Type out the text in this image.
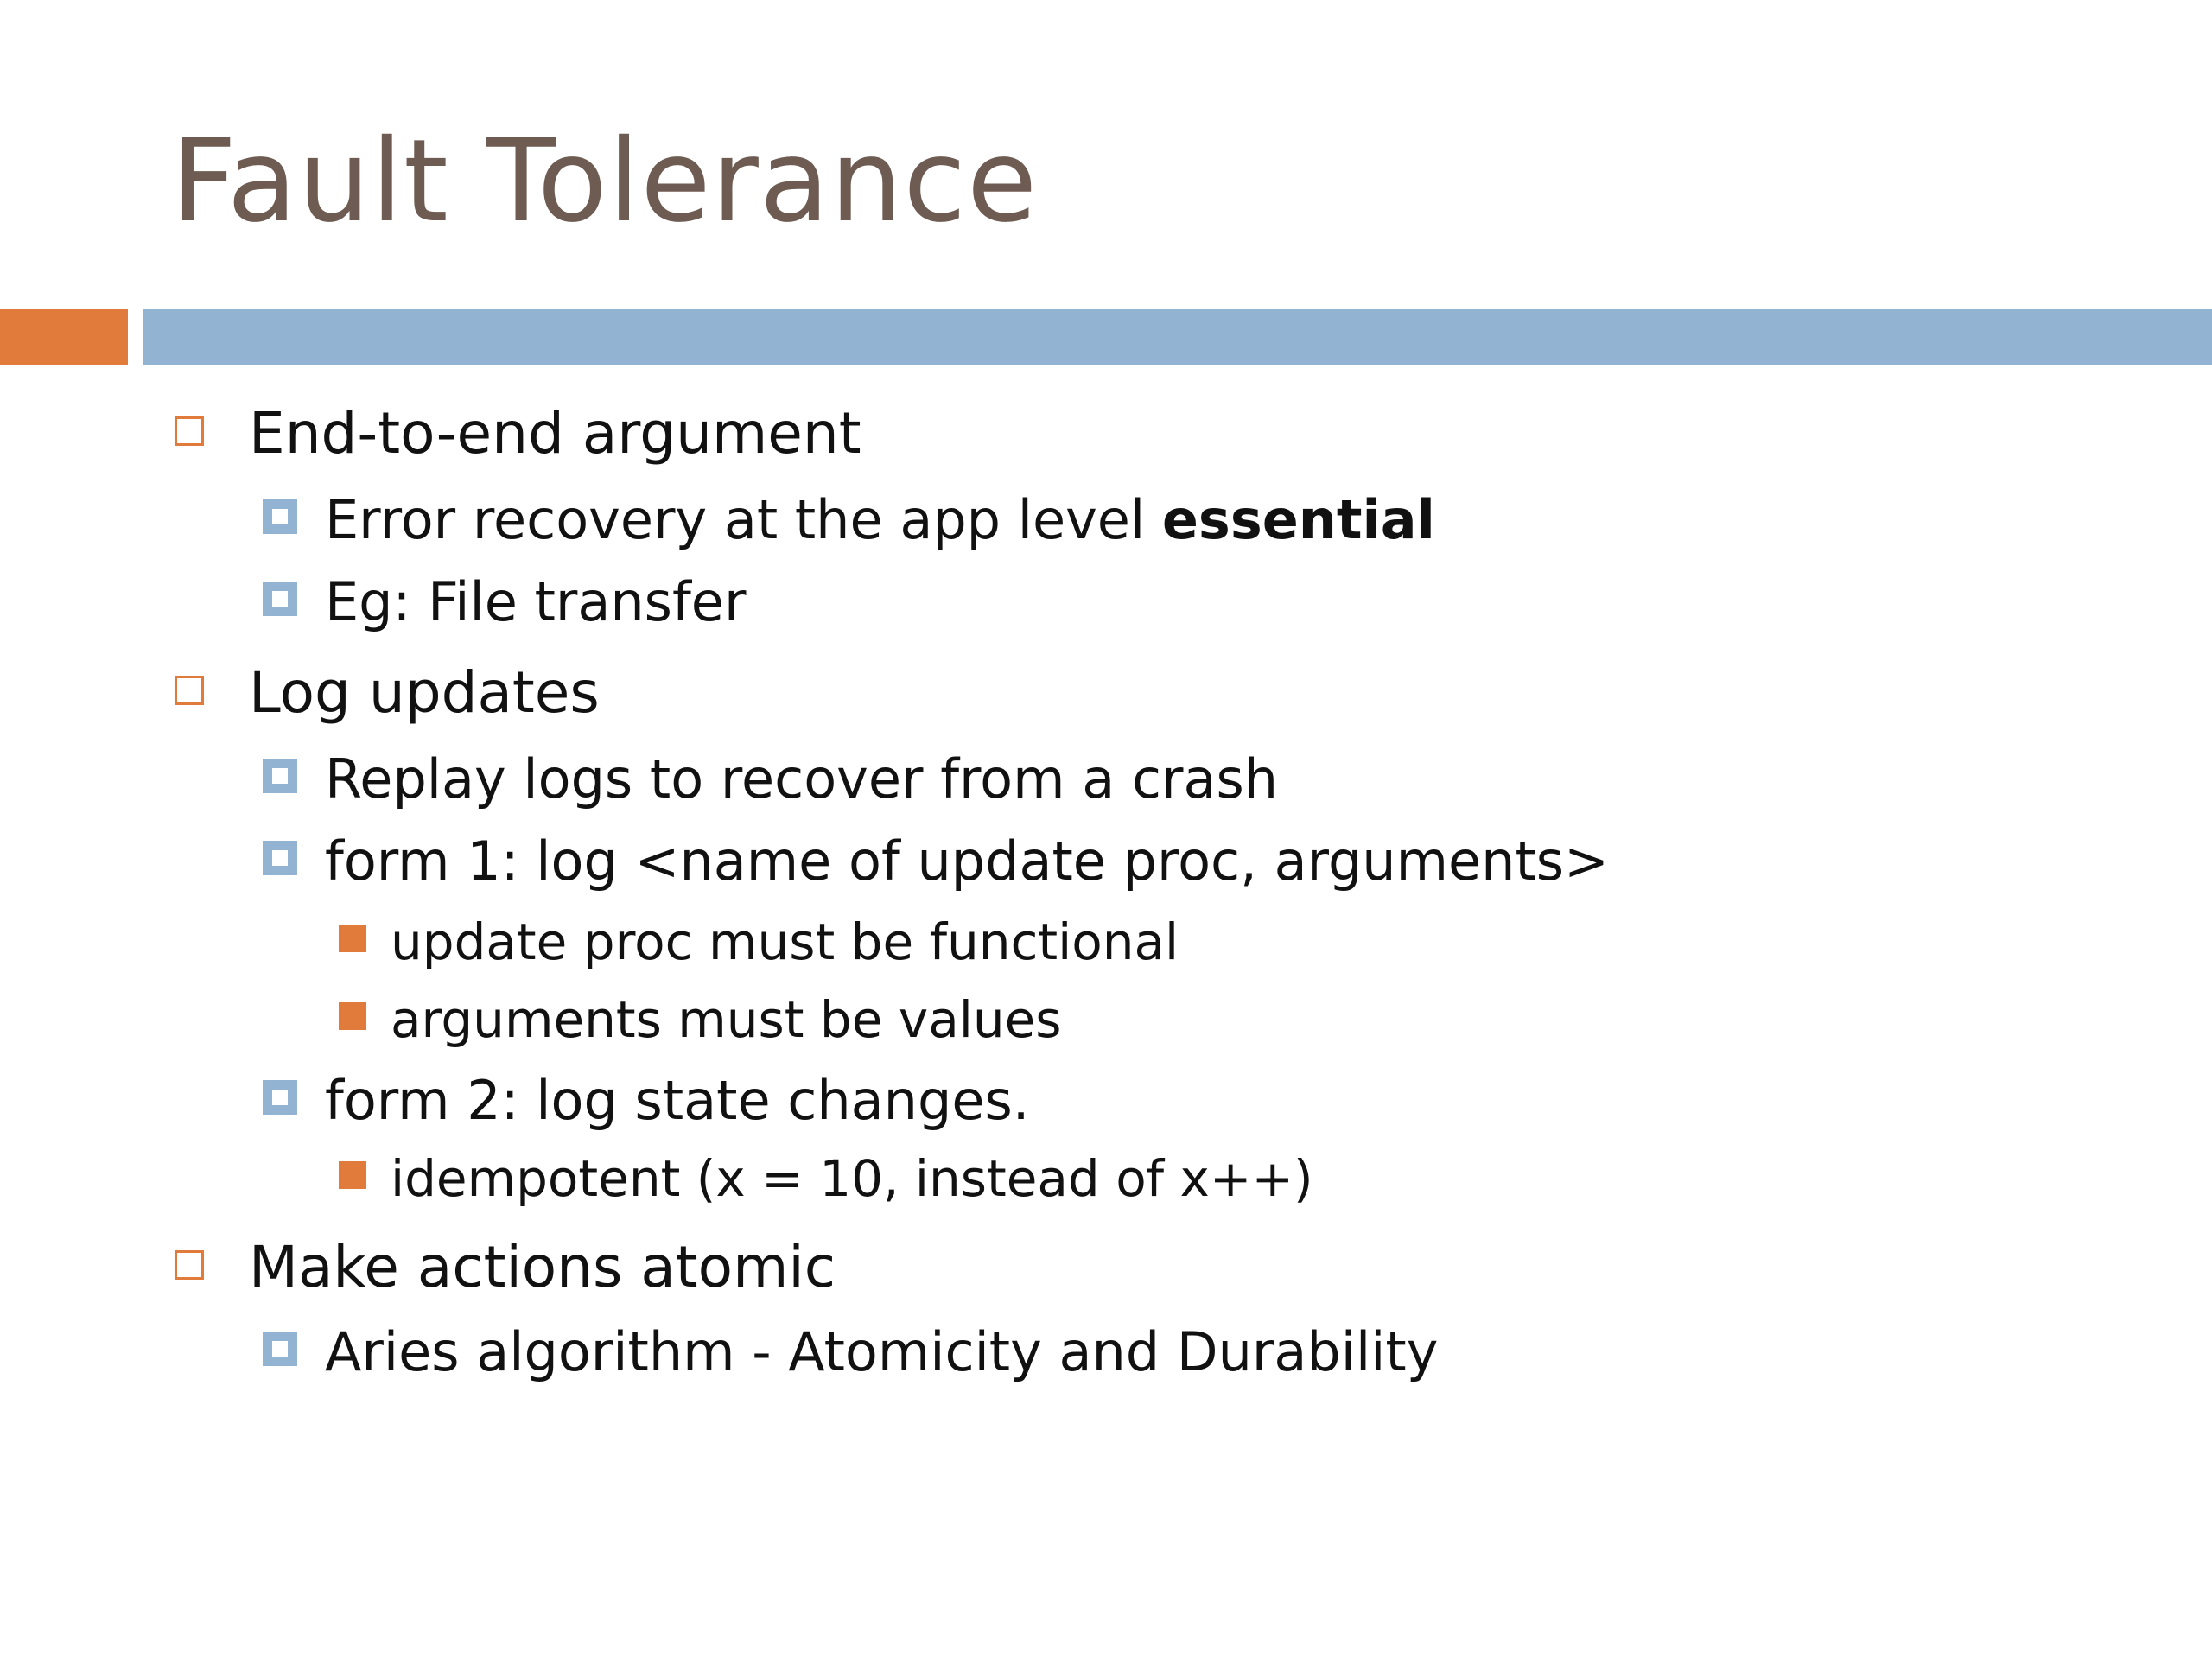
Fault Tolerance
End-to-end argument
Error recovery at the app level essential
Eg: File transfer
Log updates
Replay logs to recover from a crash
form 1: log <name of update proc, arguments>
update proc must be functional
arguments must be values
form 2: log state changes.
idempotent (x = 10, instead of x++)
Make actions atomic
Aries algorithm - Atomicity and Durability
